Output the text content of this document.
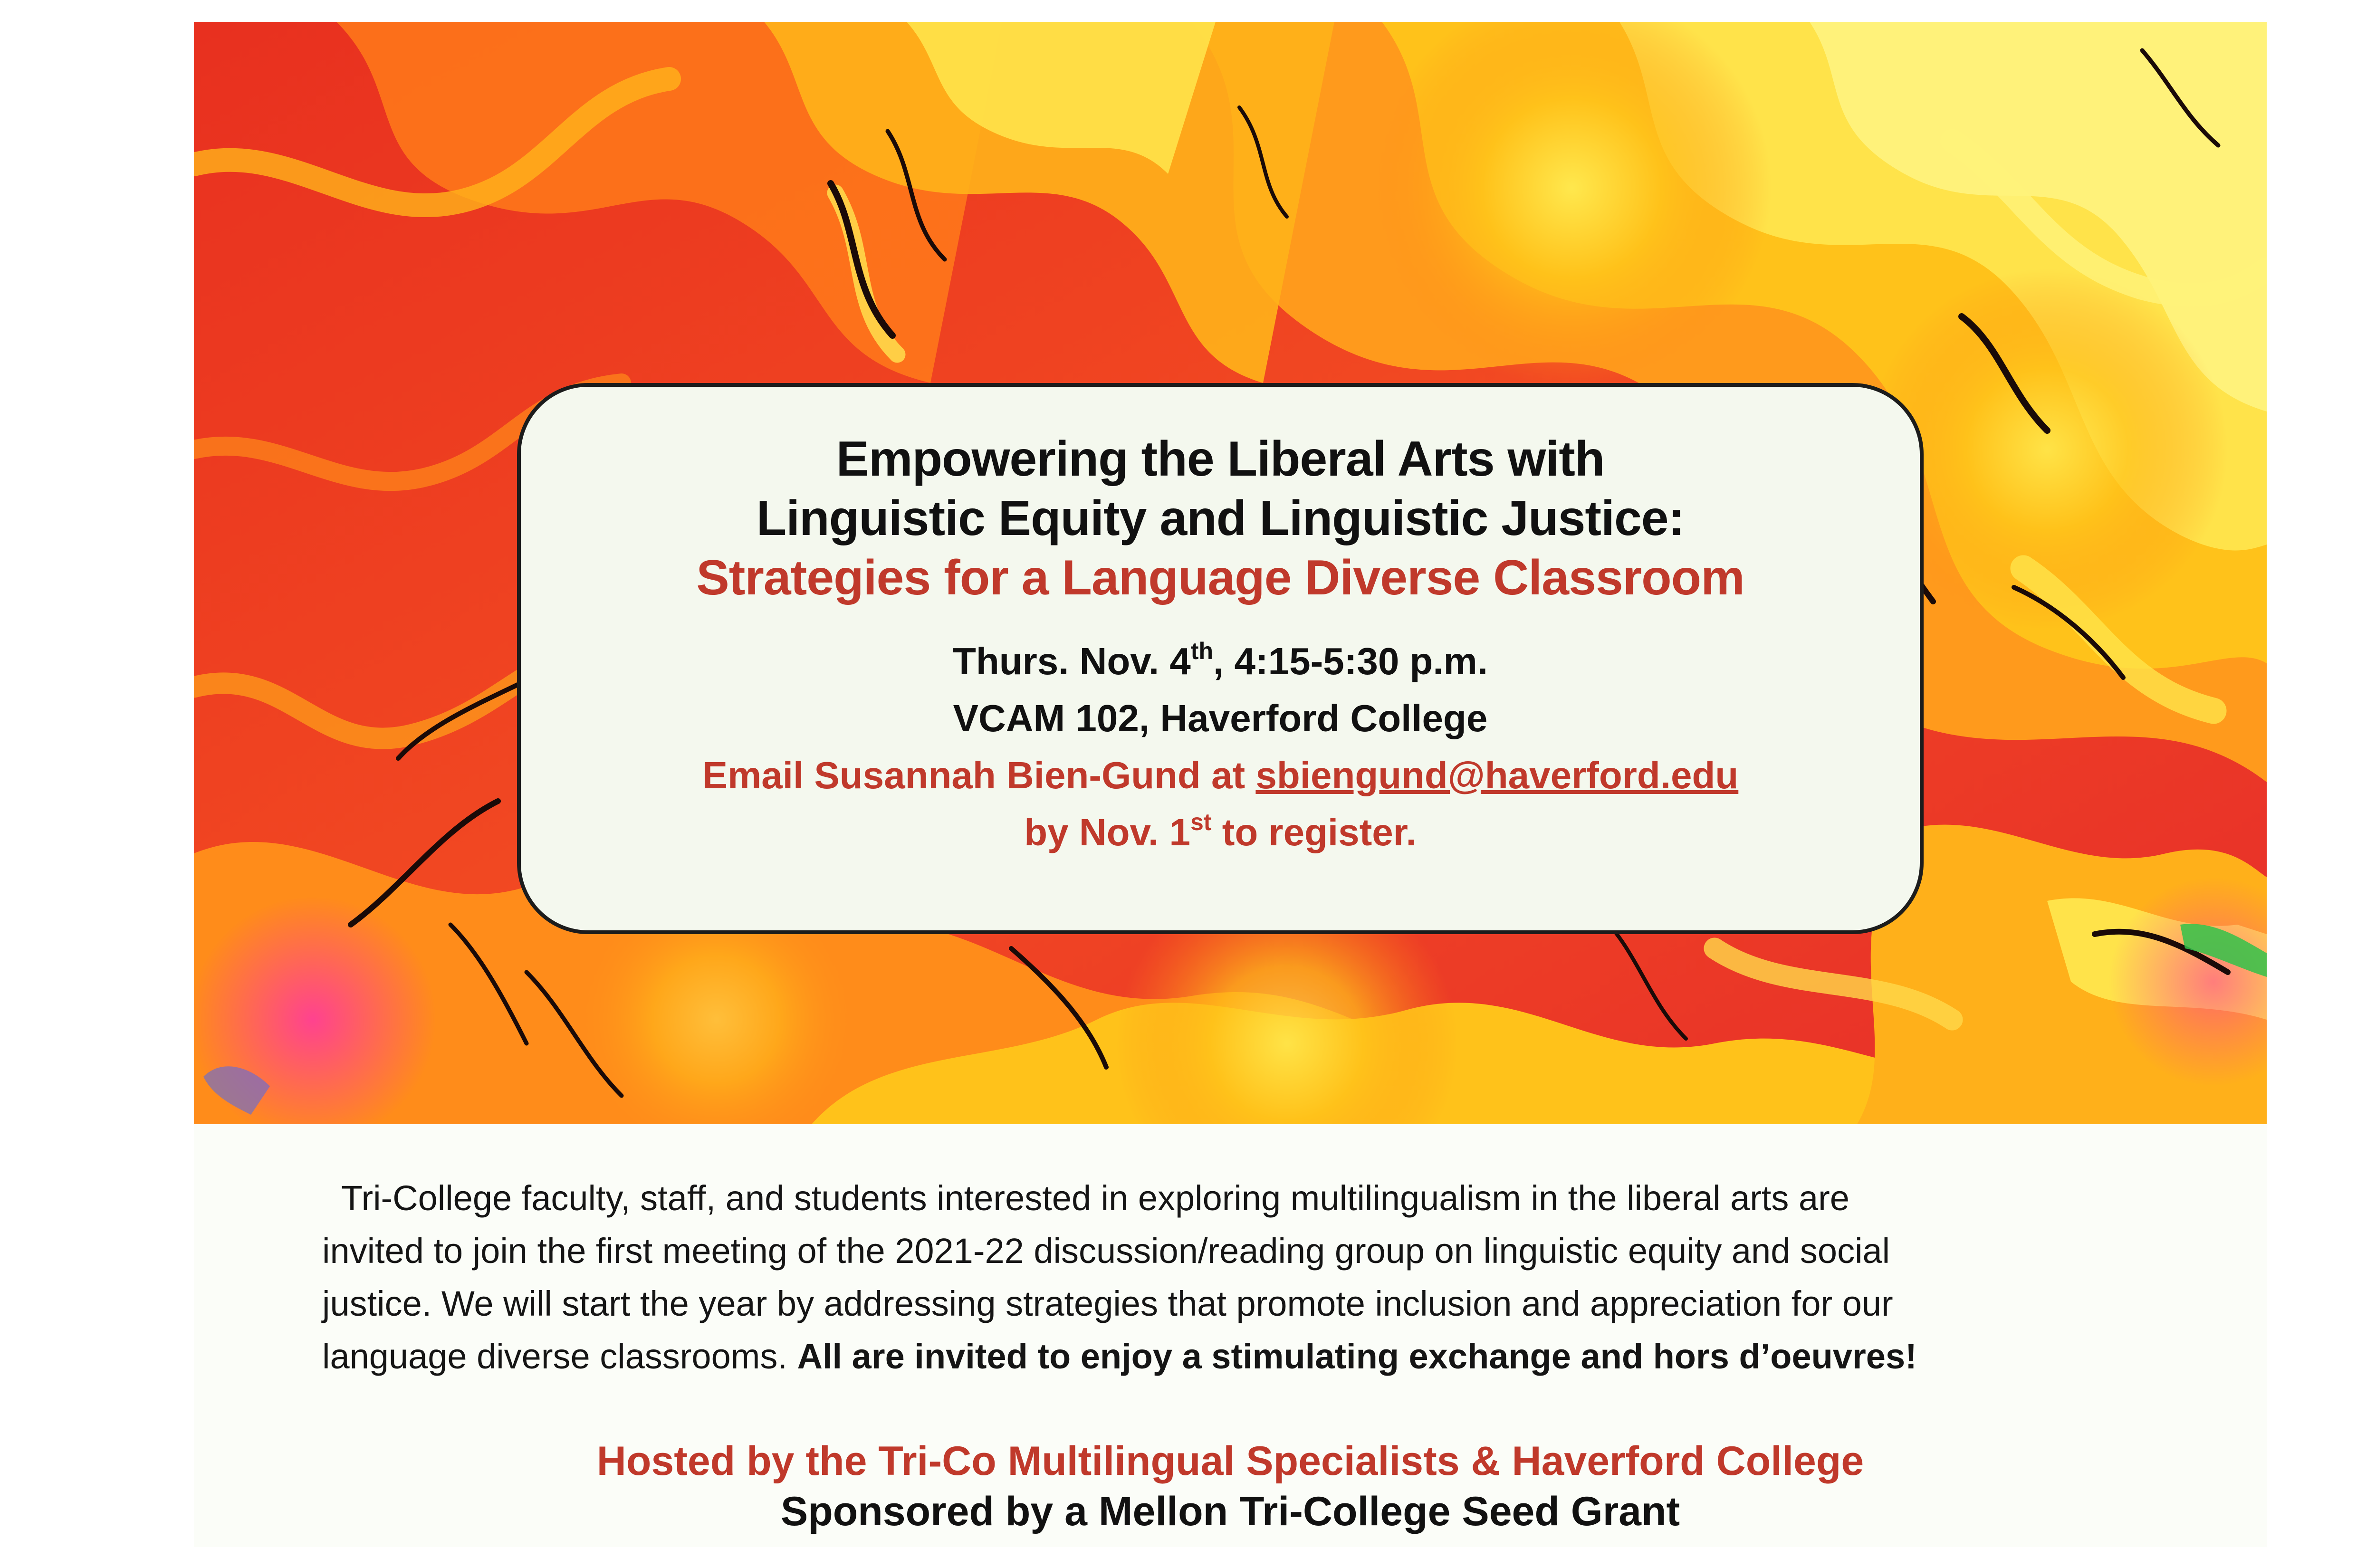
Empowering the Liberal Arts with
Linguistic Equity and Linguistic Justice:
Strategies for a Language Diverse Classroom
Thurs. Nov. 4th, 4:15-5:30 p.m.
VCAM 102, Haverford College
Email Susannah Bien-Gund at sbiengund@haverford.edu
by Nov. 1st to register.
Tri-College faculty, staff, and students interested in exploring multilingualism in the liberal arts are
invited to join the first meeting of the 2021-22 discussion/reading group on linguistic equity and social
justice. We will start the year by addressing strategies that promote inclusion and appreciation for our
language diverse classrooms. All are invited to enjoy a stimulating exchange and hors d’oeuvres!
Hosted by the Tri-Co Multilingual Specialists & Haverford College
Sponsored by a Mellon Tri-College Seed Grant
